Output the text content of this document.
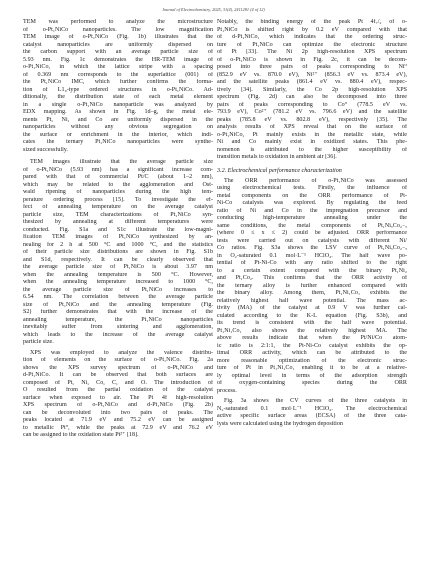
Journal of Electrochemistry, 2025, 31(4), 2411281 (4 of 12)
TEM was performed to analyze the microstructure
of o-Pt₁NiCo nanoparticles. The low magnification
TEM image of o-Pt₁NiCo (Fig. 1b) illustrates that the
catalyst nanoparticles are uniformly dispersed on
the carbon support with an average particle size of
5.93 nm. Fig. 1c demonstrates the HR-TEM image of
o-Pt₁NiCo, in which the lattice stripe with a spacing
of 0.369 nm corresponds to the superlattice (001) of
the Pt₁NiCo IMC, which further confirms the forma-
tion of L1₀-type ordered structures in o-Pt₁NiCo. Ad-
ditionally, the distribution state of each metal element
in a single o-Pt₁NiCo nanoparticle was analyzed by
EDX mapping. As shown in Fig. 1d–g, the metal ele-
ments Pt, Ni, and Co are uniformly dispersed in the
nanoparticles without any obvious segregation on
the surface or enrichment in the interior, which indi-
cates the ternary Pt₁NiCo nanoparticles were synthe-
sized successfully.
TEM images illustrate that the average particle size
of o-Pt₁NiCo (5.93 nm) has a significant increase com-
pared with that of commercial Pt/C (about 1–2 nm),
which may be related to the agglomeration and Ost-
wald ripening of nanoparticles during the high tem-
perature ordering process [15]. To investigate the ef-
fect of annealing temperature on the average catalyst
particle size, TEM characterizations of Pt₁NiCo syn-
thesized by annealing at different temperatures were
conducted. Fig. S1a and S1c illustrate the low-magni-
fication TEM images of Pt₁NiCo synthesized by an-
nealing for 2 h at 500 °C and 1000 °C, and the statistics
of their particle size distributions are shown in Fig. S1b
and S1d, respectively. It can be clearly observed that
the average particle size of Pt₁NiCo is about 3.97 nm
when the annealing temperature is 500 °C. However,
when the annealing temperature increased to 1000 °C,
the average particle size of Pt₁NiCo increases to
6.54 nm. The correlation between the average particle
size of Pt₁NiCo and the annealing temperature (Fig.
S2) further demonstrates that with the increase of the
annealing temperature, the Pt₁NiCo nanoparticles
inevitably suffer from sintering and agglomeration,
which leads to the increase of the average catalyst
particle size.
XPS was employed to analyze the valence distribu-
tion of elements on the surface of o-Pt₁NiCo. Fig. 2a
shows the XPS survey spectrum of o-Pt₁NiCo and
d-Pt₁NiCo. It can be observed that both surfaces are
composed of Pt, Ni, Co, C, and O. The introduction of
O resulted from the partial oxidation of the catalyst
surface when exposed to air. The Pt 4f high-resolution
XPS spectrum of o-Pt₁NiCo and d-Pt₁NiCo (Fig. 2b)
can be deconvoluted into two pairs of peaks. The
peaks located at 71.9 eV and 75.2 eV can be assigned
to metallic Pt⁰, while the peaks at 72.9 eV and 76.2 eV
can be assigned to the oxidation state Pt²⁺ [18].
Notably, the binding energy of the peak Pt 4f₇/₂ of o-
Pt₁NiCo is shifted right by 0.2 eV compared with that
of d-Pt₁NiCo, which indicates that the ordering struc-
ture of Pt₁NiCo can optimize the electronic structure
of Pt [33]. The Ni 2p high-resolution XPS spectrum
of o-Pt₁NiCo is shown in Fig. 2c, it can be decom-
posed into three pairs of peaks corresponding to Ni⁰
(852.9 eV vs. 870.0 eV), Ni²⁺ (856.3 eV vs. 873.4 eV),
and the satellite peaks (861.4 eV vs. 880.4 eV), respec-
tively [34]. Similarly, the Co 2p high-resolution XPS
spectrum (Fig. 2d) can also be decomposed into three
pairs of peaks corresponding to Co⁰ (778.5 eV vs.
793.9 eV), Co²⁺ (781.2 eV vs. 796.6 eV) and the satellite
peaks (785.8 eV vs. 802.8 eV), respectively [35]. The
analysis results of XPS reveal that on the surface of
o-Pt₁NiCo, Pt mainly exists in the metallic state, while
Ni and Co mainly exist in oxidized states. This phe-
nomenon is attributed to the higher susceptibility of
transition metals to oxidation in ambient air [36].
3.2. Electrochemical performance characterization
The ORR performance of o-Pt₁NiCo was assessed
using electrochemical tests. Firstly, the influence of
metal components on the ORR performance of Pt-
Ni-Co catalysts was explored. By regulating the feed
ratio of Ni and Co in the impregnation precursor and
conducting high-temperature annealing under the
same conditions, the metal components of Pt₁NiₓCo₂₋ₓ
(where 0 ≤ x ≤ 2) could be adjusted. ORR performance
tests were carried out on catalysts with different Ni/
Co ratios. Fig. S3a shows the LSV curve of Pt₁NiₓCo₂₋ₓ
in O₂-saturated 0.1 mol·L⁻¹ HClO₄. The half wave po-
tential of Pt-Ni-Co with any ratio shifted to the right
to a certain extent compared with the binary Pt₁Ni₂
and Pt₁Co₂. This confirms that the ORR activity of
the ternary alloy is further enhanced compared with
the binary alloy. Among them, Pt₁Ni₁Co₁ exhibits the
relatively highest half wave potential. The mass ac-
tivity (MA) of the catalyst at 0.9 V was further cal-
culated according to the K-L equation (Fig. S3b), and
its trend is consistent with the half wave potential.
Pt₁Ni₁Co₁ also shows the relatively highest MA. The
above results indicate that when the Pt/Ni/Co atom-
ic ratio is 2:1:1, the Pt-Ni-Co catalyst exhibits the op-
timal ORR activity, which can be attributed to the
more reasonable optimization of the electronic struc-
ture of Pt in Pt₁Ni₁Co₁ enabling it to be at a relative-
ly optimal level in terms of the adsorption strength
of oxygen-containing species during the ORR
process.
Fig. 3a shows the CV curves of the three catalysts in
N₂-saturated 0.1 mol·L⁻¹ HClO₄. The electrochemical
active specific surface areas (ECSA) of the three cata-
lysts were calculated using the hydrogen deposition
